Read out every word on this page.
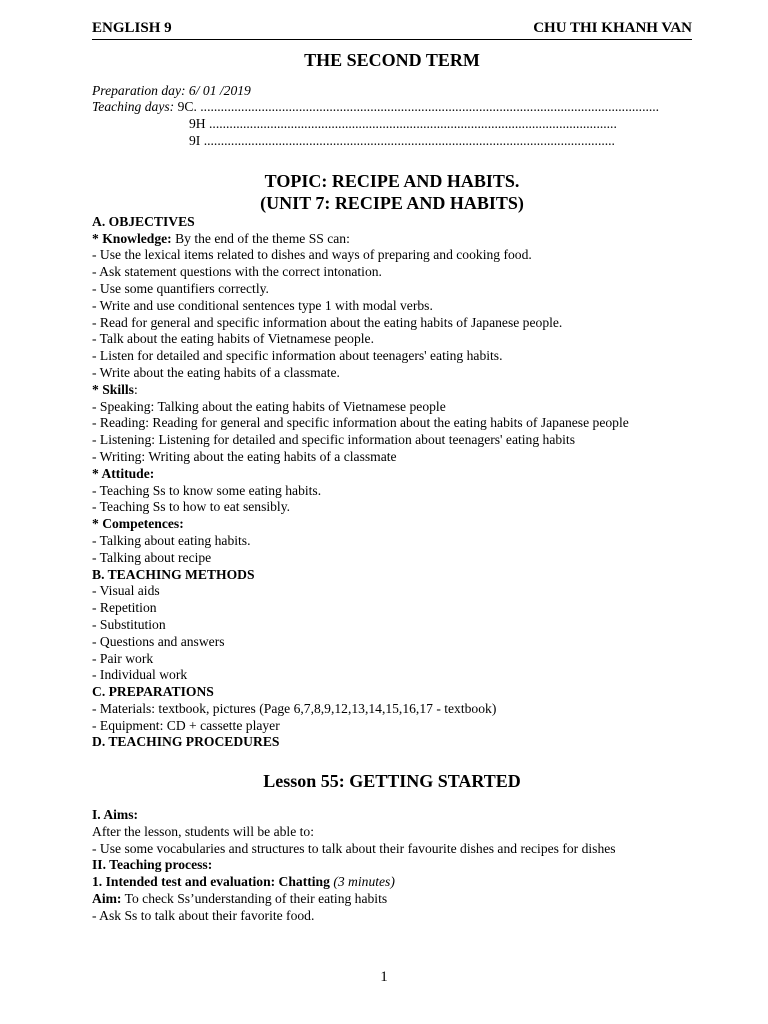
ENGLISH 9	CHU THI KHANH VAN
THE SECOND TERM
Preparation day: 6/ 01 /2019
Teaching days: 9C. .......................................................................................................................................
9H ........................................................................................................................
9I .........................................................................................................................
TOPIC: RECIPE AND HABITS.
(UNIT 7: RECIPE AND HABITS)
A. OBJECTIVES
* Knowledge: By the end of the theme SS can:
- Use the lexical items related to dishes and ways of preparing and cooking food.
- Ask statement questions with the correct intonation.
- Use some quantifiers correctly.
- Write and use conditional sentences type 1 with modal verbs.
- Read for general and specific information about the eating habits of Japanese people.
- Talk about the eating habits of Vietnamese people.
- Listen for detailed and specific information about teenagers' eating habits.
- Write about the eating habits of a classmate.
* Skills:
- Speaking: Talking about the eating habits of Vietnamese people
- Reading: Reading for general and specific information about the eating habits of Japanese people
- Listening: Listening for detailed and specific information about teenagers' eating habits
- Writing: Writing about the eating habits of a classmate
* Attitude:
- Teaching Ss to know some eating habits.
- Teaching Ss to how to eat sensibly.
* Competences:
- Talking about eating habits.
- Talking about recipe
B. TEACHING METHODS
- Visual aids
- Repetition
- Substitution
- Questions and answers
- Pair work
- Individual work
C. PREPARATIONS
- Materials: textbook, pictures (Page 6,7,8,9,12,13,14,15,16,17 - textbook)
- Equipment: CD + cassette player
D. TEACHING PROCEDURES
Lesson 55: GETTING STARTED
I. Aims:
After the lesson, students will be able to:
- Use some vocabularies and structures to talk about their favourite dishes and recipes for dishes
II. Teaching process:
1. Intended test and evaluation: Chatting (3 minutes)
Aim: To check Ss’understanding of their eating habits
- Ask Ss to talk about their favorite food.
1
